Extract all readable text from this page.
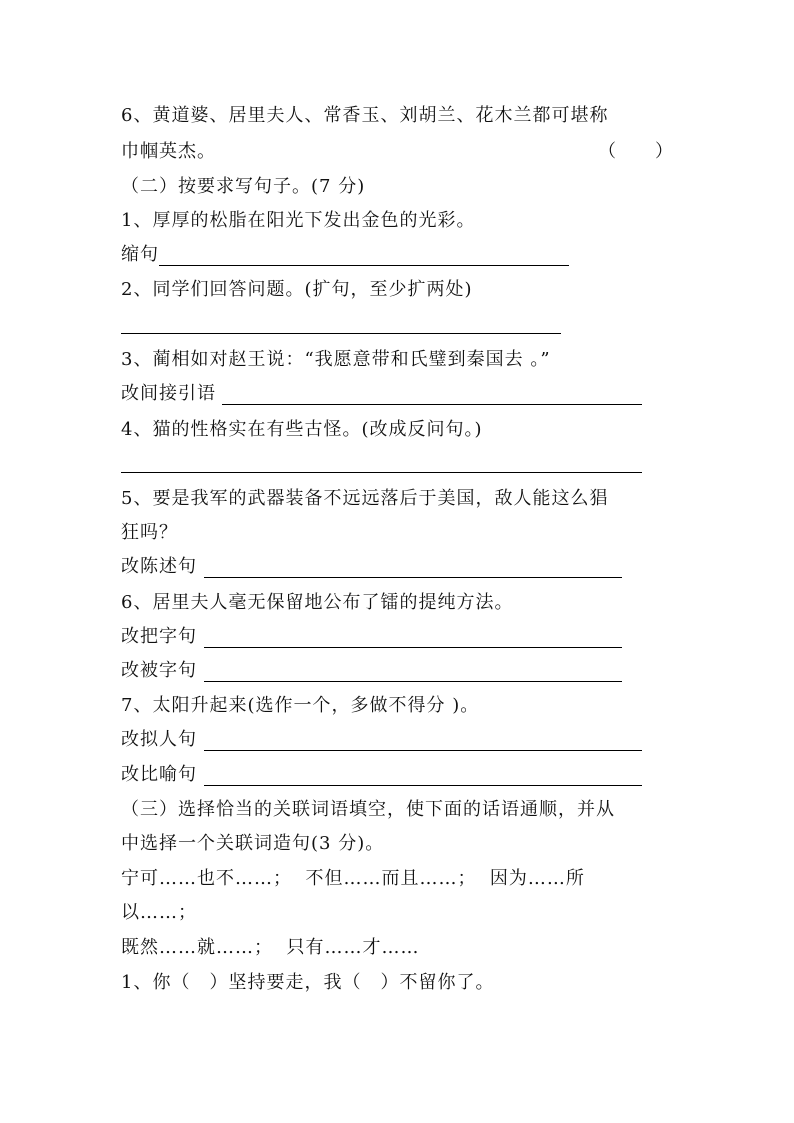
6、黄道婆、居里夫人、常香玉、刘胡兰、花木兰都可堪称
巾帼英杰。	（　　）
（二）按要求写句子。(7 分)
1、厚厚的松脂在阳光下发出金色的光彩。
缩句
2、同学们回答问题。(扩句，至少扩两处)
3、蔺相如对赵王说：“我愿意带和氏璧到秦国去 。”
改间接引语
4、猫的性格实在有些古怪。(改成反问句。)
5、要是我军的武器装备不远远落后于美国，敌人能这么猖
狂吗？
改陈述句
6、居里夫人毫无保留地公布了镭的提纯方法。
改把字句
改被字句
7、太阳升起来(选作一个，多做不得分 )。
改拟人句
改比喻句
（三）选择恰当的关联词语填空，使下面的话语通顺，并从
中选择一个关联词造句(3 分)。
宁可……也不……；  不但……而且……；  因为……所
以……；
既然……就……；  只有……才……
1、你（　）坚持要走，我（　）不留你了。
